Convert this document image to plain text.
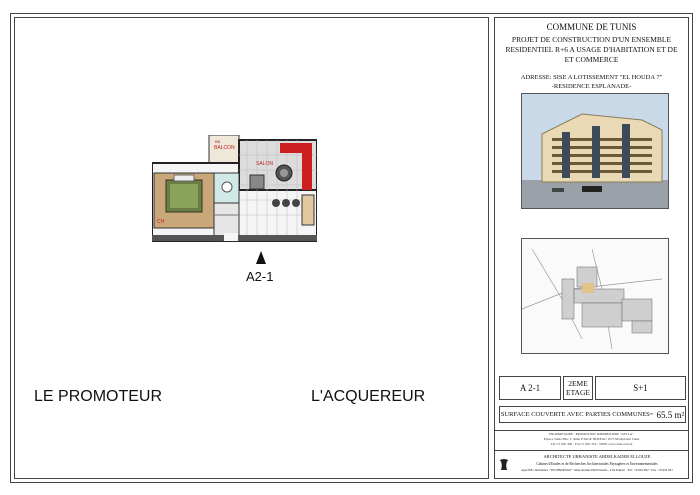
BB
BALCON
SALON
CH
A2-1
LE PROMOTEUR	L'ACQUEREUR
COMMUNE DE TUNIS
PROJET DE CONSTRUCTION D'UN ENSEMBLE RESIDENTIEL R+6 A USAGE D'HABITATION ET DE ET COMMERCE
ADRESSE: SISE A LOTISSEMENT "EL HOUDA 7"
-RESIDENCE ESPLANADE-
A 2-1	2EME ETAGE	S+1
SURFACE COUVERTE AVEC PARTIES COMMUNES= 65.5 m²
PROPRIETAIRE : PROMOTION IMMOBILIERE "ATTI-A"
Espace Tunis Bloc C 3ème ETAGE BUREAU 1073 Montplaisir Tunis
Tél.:71 905 300 - Fax:71 905 316 - WEB: www.attia.com.tn
ARCHITECTE URBANISTE ABDELKADER ELLOUZE
Cabinet d'Etudes et de Recherches Architecturales Paysagères et Environnementales
Appt B31, Résidence "TECHNOPOLE" 7ème Avenue Hédi Nouira - Cité Ennasr · Tél : 70 932 962 · Fax : 70 932 961
